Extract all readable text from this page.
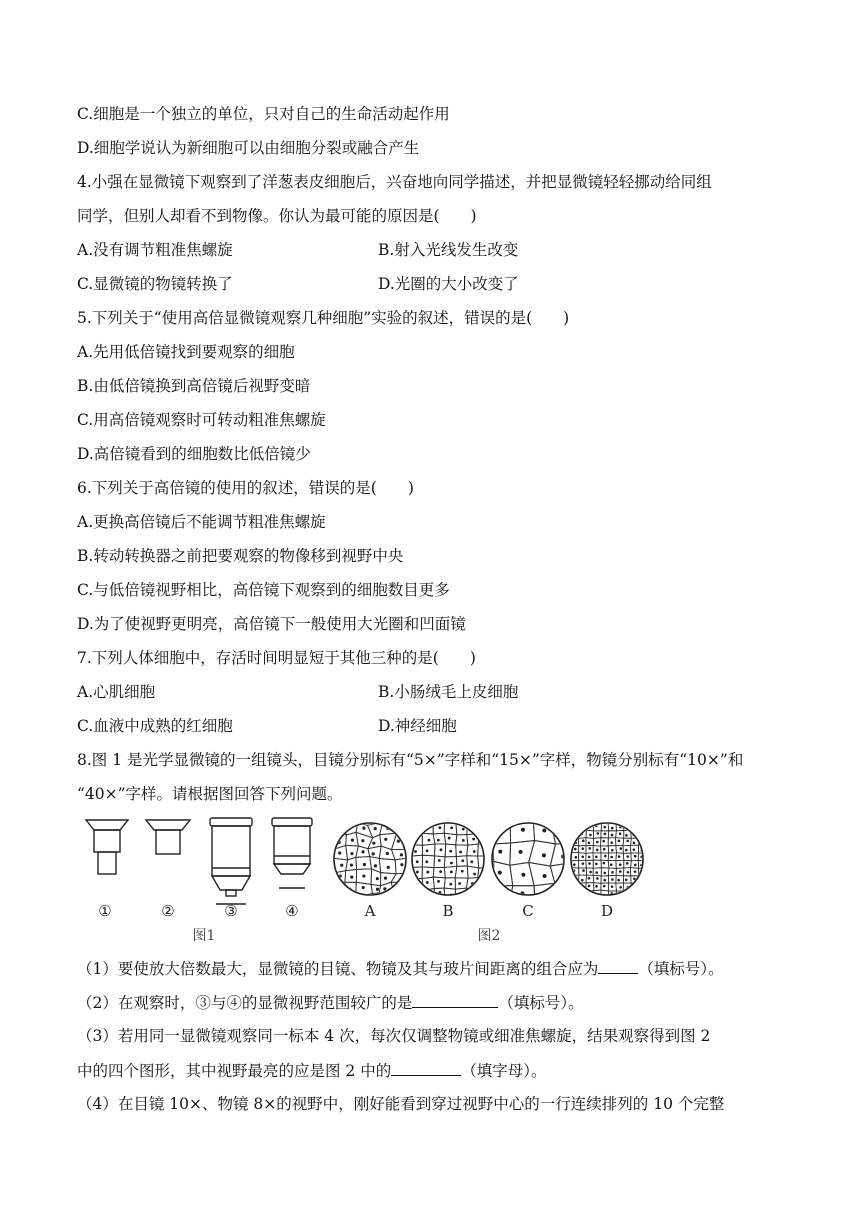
C.细胞是一个独立的单位，只对自己的生命活动起作用
D.细胞学说认为新细胞可以由细胞分裂或融合产生
4.小强在显微镜下观察到了洋葱表皮细胞后，兴奋地向同学描述，并把显微镜轻轻挪动给同组
同学，但别人却看不到物像。你认为最可能的原因是(　　)
A.没有调节粗准焦螺旋	B.射入光线发生改变
C.显微镜的物镜转换了	D.光圈的大小改变了
5.下列关于“使用高倍显微镜观察几种细胞”实验的叙述，错误的是(　　)
A.先用低倍镜找到要观察的细胞
B.由低倍镜换到高倍镜后视野变暗
C.用高倍镜观察时可转动粗准焦螺旋
D.高倍镜看到的细胞数比低倍镜少
6.下列关于高倍镜的使用的叙述，错误的是(　　)
A.更换高倍镜后不能调节粗准焦螺旋
B.转动转换器之前把要观察的物像移到视野中央
C.与低倍镜视野相比，高倍镜下观察到的细胞数目更多
D.为了使视野更明亮，高倍镜下一般使用大光圈和凹面镜
7.下列人体细胞中，存活时间明显短于其他三种的是(　　)
A.心肌细胞	B.小肠绒毛上皮细胞
C.血液中成熟的红细胞	D.神经细胞
8.图 1 是光学显微镜的一组镜头，目镜分别标有“5×”字样和“15×”字样，物镜分别标有“10×”和
“40×”字样。请根据图回答下列问题。
①	②	③	④
图1
A	B	C	D
图2
（1）要使放大倍数最大，显微镜的目镜、物镜及其与玻片间距离的组合应为	（填标号）。
（2）在观察时，③与④的显微视野范围较广的是	（填标号）。
（3）若用同一显微镜观察同一标本 4 次，每次仅调整物镜或细准焦螺旋，结果观察得到图 2
中的四个图形，其中视野最亮的应是图 2 中的	（填字母）。
（4）在目镜 10×、物镜 8×的视野中，刚好能看到穿过视野中心的一行连续排列的 10 个完整
